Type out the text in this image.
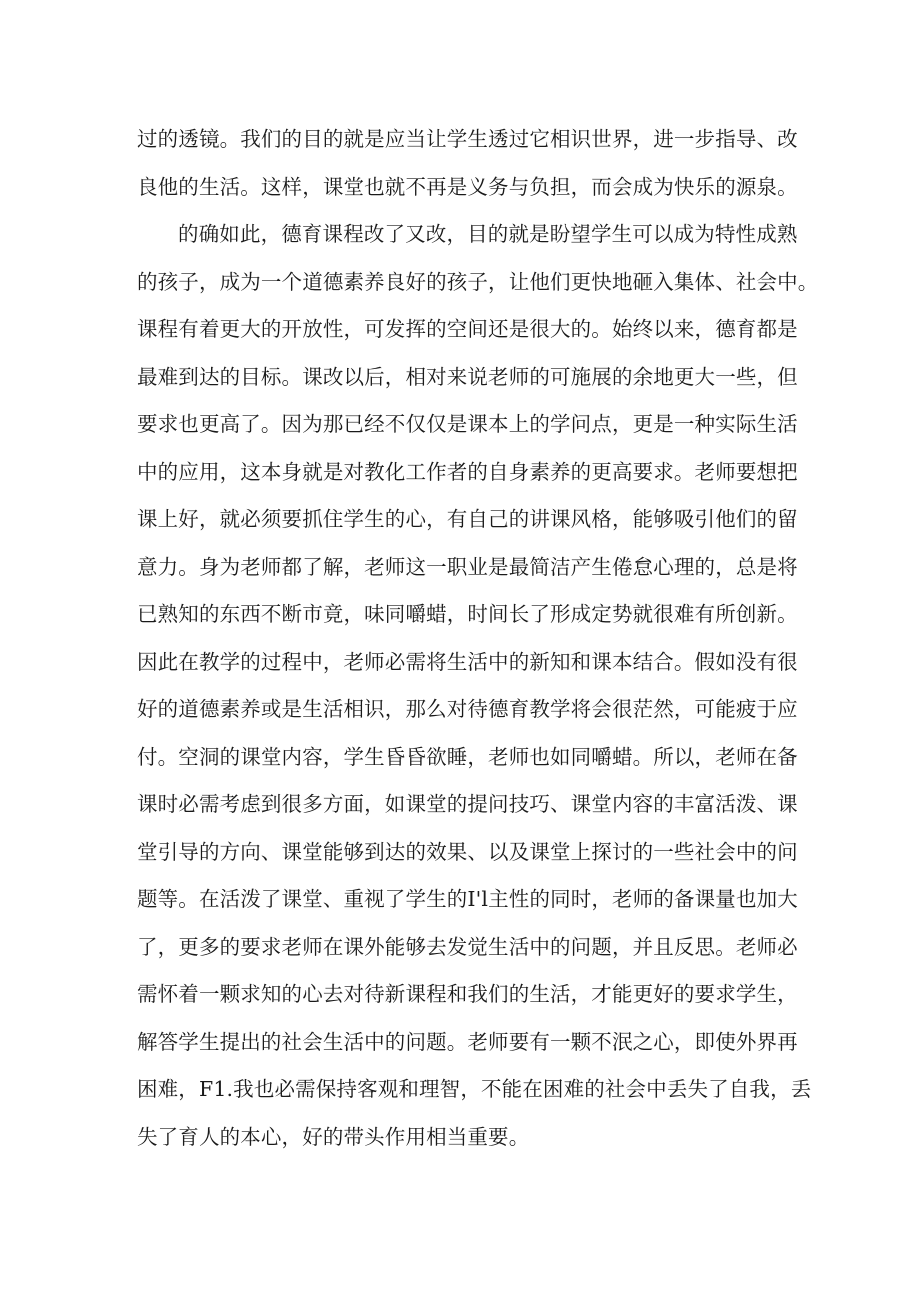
过的透镜。我们的目的就是应当让学生透过它相识世界，进一步指导、改
良他的生活。这样，课堂也就不再是义务与负担，而会成为快乐的源泉。
的确如此，德育课程改了又改，目的就是盼望学生可以成为特性成熟
的孩子，成为一个道德素养良好的孩子，让他们更快地砸入集体、社会中。
课程有着更大的开放性，可发挥的空间还是很大的。始终以来，德育都是
最难到达的目标。课改以后，相对来说老师的可施展的余地更大一些，但
要求也更高了。因为那已经不仅仅是课本上的学问点，更是一种实际生活
中的应用，这本身就是对教化工作者的自身素养的更高要求。老师要想把
课上好，就必须要抓住学生的心，有自己的讲课风格，能够吸引他们的留
意力。身为老师都了解，老师这一职业是最简洁产生倦怠心理的，总是将
已熟知的东西不断市竟，味同嚼蜡，时间长了形成定势就很难有所创新。
因此在教学的过程中，老师必需将生活中的新知和课本结合。假如没有很
好的道德素养或是生活相识，那么对待德育教学将会很茫然，可能疲于应
付。空洞的课堂内容，学生昏昏欲睡，老师也如同嚼蜡。所以，老师在备
课时必需考虑到很多方面，如课堂的提问技巧、课堂内容的丰富活泼、课
堂引导的方向、课堂能够到达的效果、以及课堂上探讨的一些社会中的问
题等。在活泼了课堂、重视了学生的I'l主性的同时，老师的备课量也加大
了，更多的要求老师在课外能够去发觉生活中的问题，并且反思。老师必
需怀着一颗求知的心去对待新课程和我们的生活，才能更好的要求学生，
解答学生提出的社会生活中的问题。老师要有一颗不泯之心，即使外界再
困难，F1.我也必需保持客观和理智，不能在困难的社会中丢失了自我，丢
失了育人的本心，好的带头作用相当重要。
